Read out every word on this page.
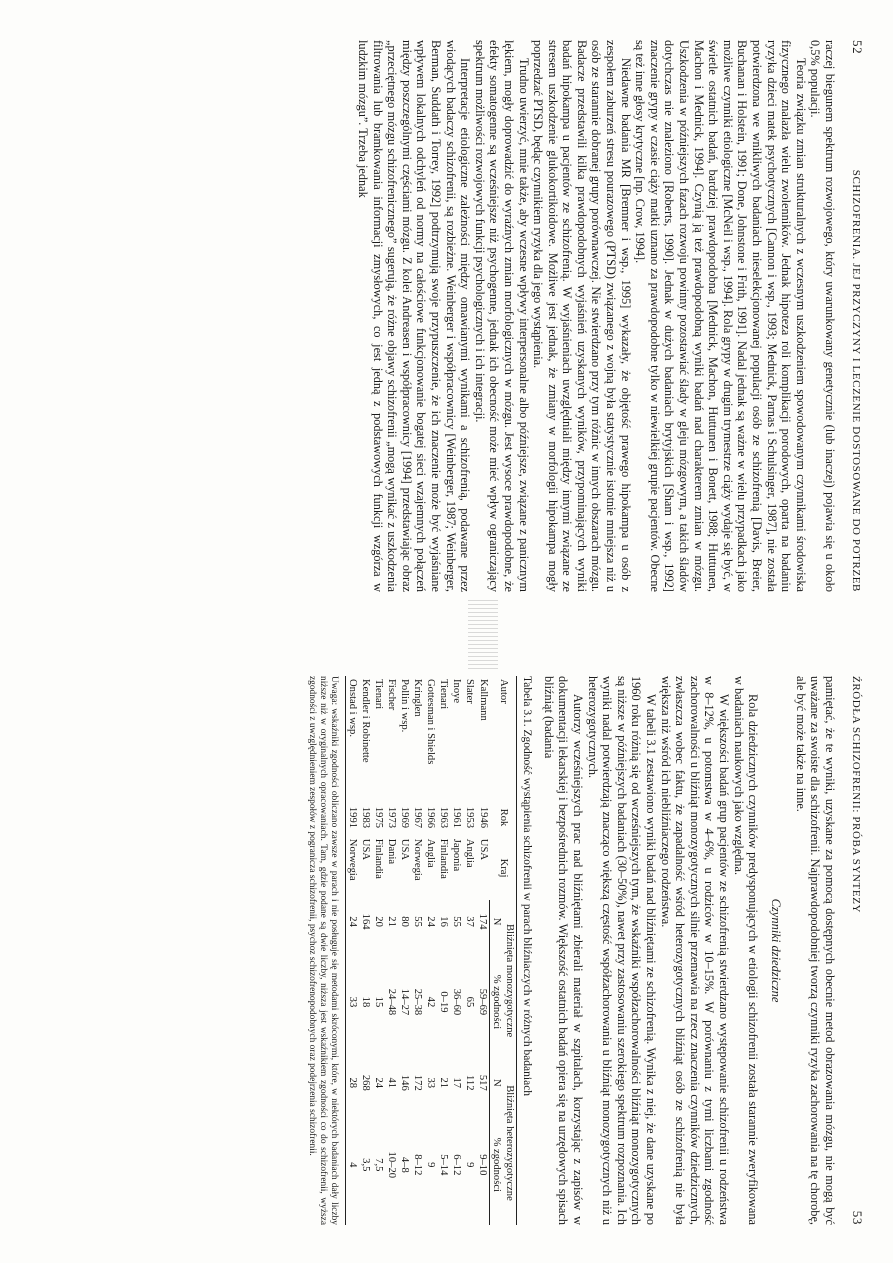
52
SCHIZOFRENIA. JEJ PRZYCZYNY I LECZENIE DOSTOSOWANE DO POTRZEB

raczej biegunem spektrum rozwojowego, który uwarunkowany genetycznie (lub inaczej) pojawia się u około 0,5% populacji.

Teoria związku zmian strukturalnych z wczesnym uszkodzeniem spowodowanym czynnikami środowiska fizycznego znalazła wielu zwolenników. Jednak hipoteza roli komplikacji porodowych, oparta na badaniu ryzyka dzieci matek psychotycznych [Cannon i wsp., 1993; Mednick, Parnas i Schulsinger, 1987], nie została potwierdzona we wnikliwych badaniach nieselekcjonowanej populacji osób ze schizofrenią [Davis, Breier, Buchanan i Holstein, 1991; Done, Johnstone i Frith, 1991]. Nadal jednak są ważne w wielu przypadkach jako możliwe czynniki etiologiczne [McNeil i wsp., 1994]. Rola grypy w drugim trymestrze ciąży wydaje się być, w świetle ostatnich badań, bardziej prawdopodobna [Mednick, Machon, Huttunen i Bonett, 1988; Huttunen, Machon i Mednick, 1994]. Czynią ją też prawdopodobną wyniki badań nad charakterem zmian w mózgu. Uszkodzenia w późniejszych fazach rozwoju powinny pozostawiać ślady w gleju mózgowym, a takich śladów dotychczas nie znaleziono [Roberts, 1990]. Jednak w dużych badaniach brytyjskich [Sham i wsp., 1992] znaczenie grypy w czasie ciąży matki uznano za prawdopodobne tylko w niewielkiej grupie pacjentów. Obecne są też inne głosy krytyczne [np. Crow, 1994].

Niedawne badania MR [Bremner i wsp., 1995] wykazały, że objętość prawego hipokampa u osób z zespołem zaburzeń stresu pourazowego (PTSD) związanego z wojną była statystycznie istotnie mniejsza niż u osób ze starannie dobranej grupy porównawczej. Nie stwierdzano przy tym różnic w innych obszarach mózgu. Badacze przedstawili kilka prawdopodobnych wyjaśnień uzyskanych wyników, przypominających wyniki badań hipokampa u pacjentów ze schizofrenią. W wyjaśnieniach uwzględniali między innymi związane ze stresem uszkodzenie glukokortikoidowe. Możliwe jest jednak, że zmiany w morfologii hipokampa mogły poprzedzać PTSD, będąc czynnikiem ryzyka dla jego wystąpienia.

Trudno uwierzyć, mnie także, aby wczesne wpływy interpersonalne albo późniejsze, związane z panicznym lękiem, mogły doprowadzić do wyraźnych zmian morfologicznych w mózgu. Jest wysoce prawdopodobne, że efekty somatogenne są wcześniejsze niż psychogenne, jednak ich obecność może mieć wpływ ograniczający spektrum możliwości rozwojowych funkcji psychologicznych i ich integracji.

Interpretacje etiologiczne zależności między omawianymi wynikami a schizofrenią, podawane przez wiodących badaczy schizofrenii, są rozbieżne. Weinberger i współpracownicy [Weinberger, 1987; Weinberger, Berman, Suddath i Torrey, 1992] podtrzymują swoje przypuszczenie, że ich znaczenie może być wyjaśniane wpływem lokalnych odchyleń od normy na całościowe funkcjonowanie bogatej sieci wzajemnych połączeń między poszczególnymi częściami mózgu. Z kolei Andreasen i współpracownicy [1994] przedstawiając obraz „przeciętnego mózgu schizofrenicznego” sugerują, że różne objawy schizofrenii „mogą wynikać z uszkodzenia filtrowania lub bramkowania informacji zmysłowych, co jest jedną z podstawowych funkcji wzgórza w ludzkim mózgu”. Trzeba jednak

ŹRÓDŁA SCHIZOFRENII: PRÓBA SYNTEZY
53

pamiętać, że te wyniki, uzyskane za pomocą dostępnych obecnie metod obrazowania mózgu, nie mogą być uważane za swoiste dla schizofrenii. Najprawdopodobniej tworzą czynniki ryzyka zachorowania na tę chorobę, ale być może także na inne.

Czynniki dziedziczne

Rola dziedzicznych czynników predysponujących w etiologii schizofrenii została starannie zweryfikowana w badaniach naukowych jako względna.

W większości badań grup pacjentów ze schizofrenią stwierdzano występowanie schizofrenii u rodzeństwa w 8–12%, u potomstwa w 4–6%, u rodziców w 10–15%. W porównaniu z tymi liczbami zgodność zachorowalności u bliźniąt monozygotycznych silnie przemawia na rzecz znaczenia czynników dziedzicznych, zwłaszcza wobec faktu, że zapadalność wśród heterozygotycznych bliźniąt osób ze schizofrenią nie była większa niż wśród ich niebliźniaczego rodzeństwa.

W tabeli 3.1 zestawiono wyniki badań nad bliźniętami ze schizofrenią. Wynika z niej, że dane uzyskane po 1960 roku różnią się od wcześniejszych tym, że wskaźniki współzachorowalności bliźniąt monozygotycznych są niższe w późniejszych badaniach (30–50%), nawet przy zastosowaniu szerokiego spektrum rozpoznania. Ich wyniki nadal potwierdzają znacząco większą częstość współzachorowania u bliźniąt monozygotycznych niż u heterozygotycznych.

Autorzy wcześniejszych prac nad bliźniętami zbierali materiał w szpitalach, korzystając z zapisów w dokumentacji lekarskiej i bezpośrednich rozmów. Większość ostatnich badań opiera się na urzędowych spisach bliźniąt (badania

Tabela 3.1. Zgodność wystąpienia schizofrenii w parach bliźniaczych w różnych badaniach
Autor	Rok	Kraj	Bliźnięta monozygotyczne		Bliźnięta heterozygotyczne	
			N	% zgodności	N	% zgodności
Kallmann	1946	USA	174	59–69	517	9–10
Slater	1953	Anglia	37	65	112	9
Inoye	1961	Japonia	55	36–60	17	6–12
Tienari	1963	Finlandia	16	0–19	21	5–14
Gottesman i Shields	1966	Anglia	24	42	33	9
Kringlen	1967	Norwegia	55	25–38	172	8–12
Pollin i wsp.	1969	USA	80	14–27	146	4–8
Fischer	1973	Dania	21	24–48	41	10–20
Tienari	1975	Finlandia	20	15	24	7,5
Kendler i Robinette	1983	USA	164	18	268	3,5
Onstad i wsp.	1991	Norwegia	24	33	28	4
Uwaga: wskaźniki zgodności obliczano zawsze w parach i nie posługuje się metodami skróconymi, które, w niektórych badaniach dały liczby niższe niż w oryginalnych opracowaniach. Tam, gdzie podane są dwie liczby, niższa jest wskaźnikiem zgodności co do schizofrenii, wyższa zgodności z uwzględnieniem zespołów z pogranicza schizofrenii, psychoz schizofrenopodobnych oraz podejrzenia schizofrenii.
